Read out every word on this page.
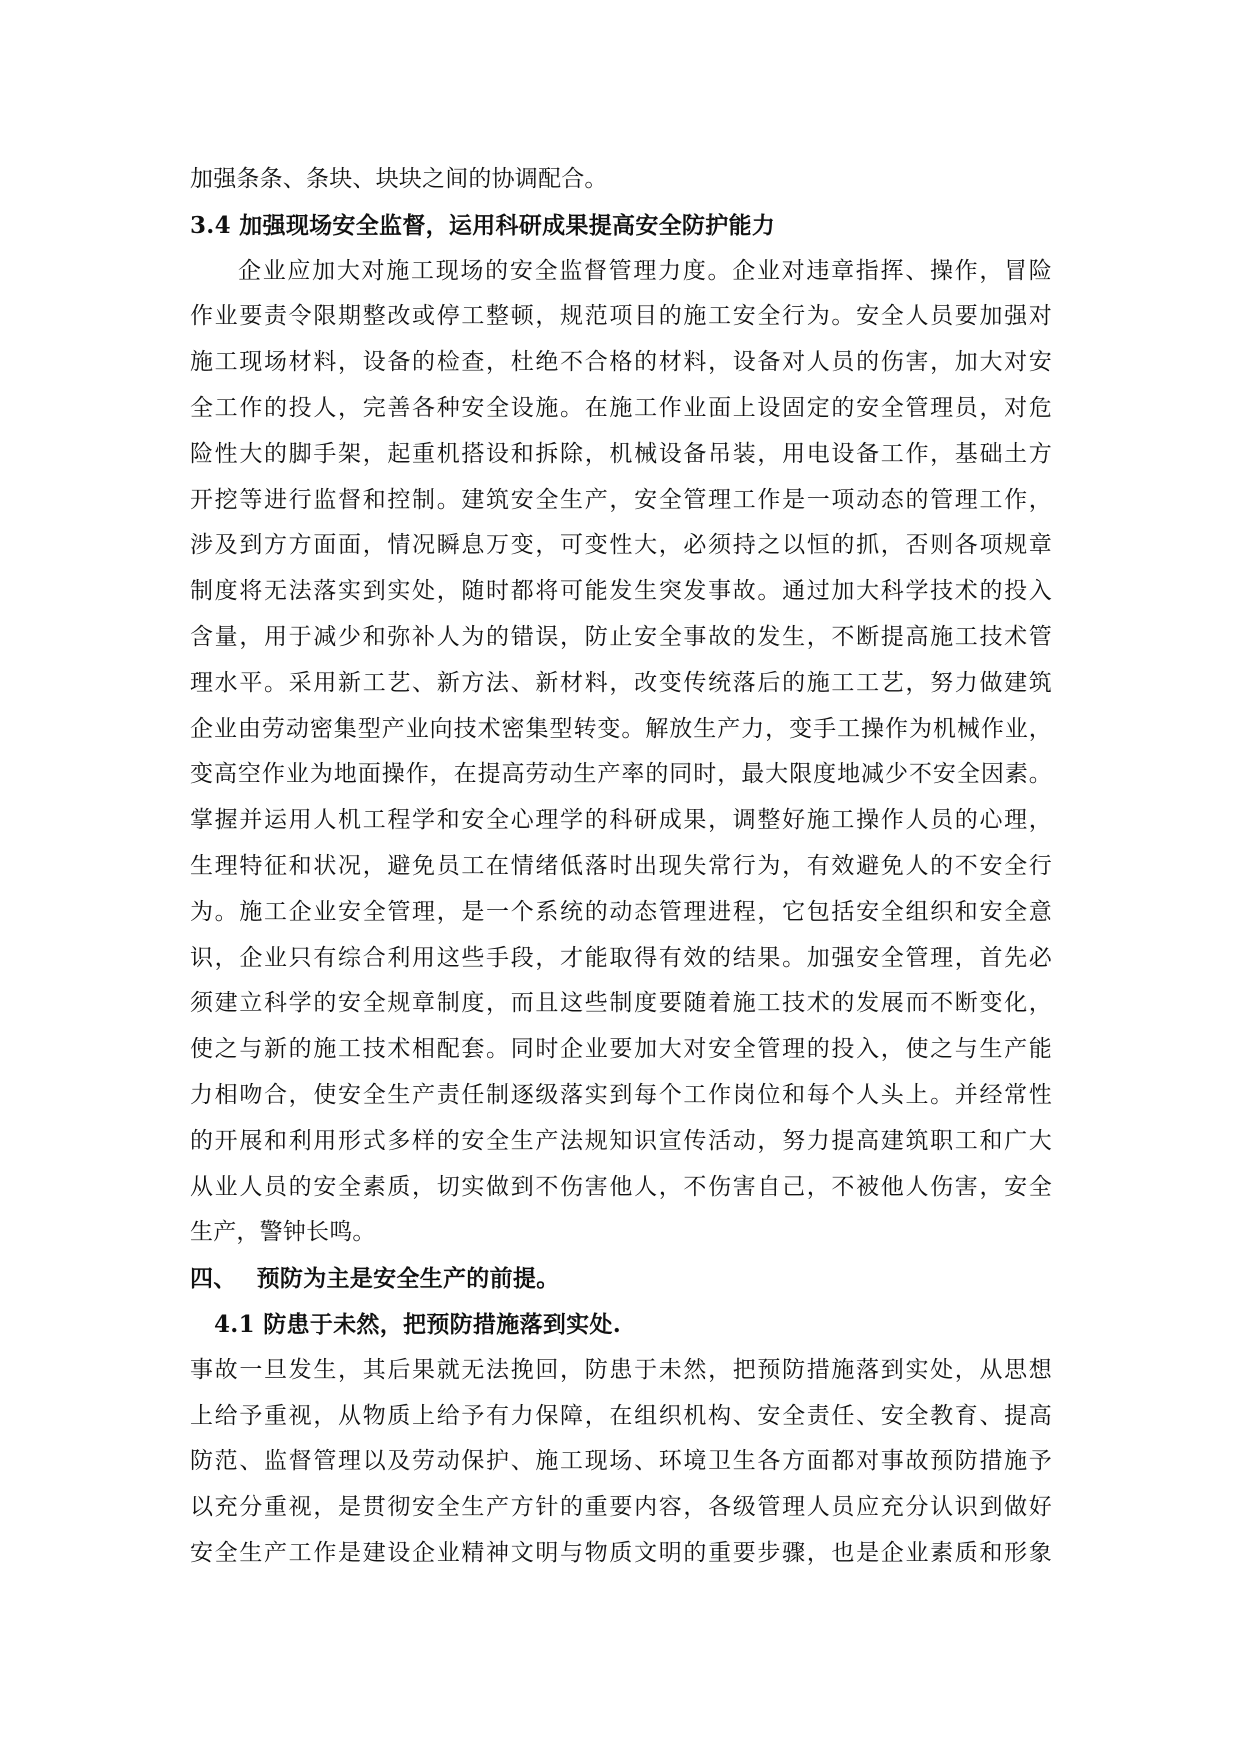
加强条条、条块、块块之间的协调配合。
3.4 加强现场安全监督，运用科研成果提高安全防护能力
企业应加大对施工现场的安全监督管理力度。企业对违章指挥、操作，冒险
作业要责令限期整改或停工整顿，规范项目的施工安全行为。安全人员要加强对
施工现场材料，设备的检查，杜绝不合格的材料，设备对人员的伤害，加大对安
全工作的投人，完善各种安全设施。在施工作业面上设固定的安全管理员，对危
险性大的脚手架，起重机搭设和拆除，机械设备吊装，用电设备工作，基础土方
开挖等进行监督和控制。建筑安全生产，安全管理工作是一项动态的管理工作，
涉及到方方面面，情况瞬息万变，可变性大，必须持之以恒的抓，否则各项规章
制度将无法落实到实处，随时都将可能发生突发事故。通过加大科学技术的投入
含量，用于减少和弥补人为的错误，防止安全事故的发生，不断提高施工技术管
理水平。采用新工艺、新方法、新材料，改变传统落后的施工工艺，努力做建筑
企业由劳动密集型产业向技术密集型转变。解放生产力，变手工操作为机械作业，
变高空作业为地面操作，在提高劳动生产率的同时，最大限度地减少不安全因素。
掌握并运用人机工程学和安全心理学的科研成果，调整好施工操作人员的心理，
生理特征和状况，避免员工在情绪低落时出现失常行为，有效避免人的不安全行
为。施工企业安全管理，是一个系统的动态管理进程，它包括安全组织和安全意
识，企业只有综合利用这些手段，才能取得有效的结果。加强安全管理，首先必
须建立科学的安全规章制度，而且这些制度要随着施工技术的发展而不断变化，
使之与新的施工技术相配套。同时企业要加大对安全管理的投入，使之与生产能
力相吻合，使安全生产责任制逐级落实到每个工作岗位和每个人头上。并经常性
的开展和利用形式多样的安全生产法规知识宣传活动，努力提高建筑职工和广大
从业人员的安全素质，切实做到不伤害他人，不伤害自己，不被他人伤害，安全
生产，警钟长鸣。
四、 预防为主是安全生产的前提。
4.1 防患于未然，把预防措施落到实处.
事故一旦发生，其后果就无法挽回，防患于未然，把预防措施落到实处，从思想
上给予重视，从物质上给予有力保障，在组织机构、安全责任、安全教育、提高
防范、监督管理以及劳动保护、施工现场、环境卫生各方面都对事故预防措施予
以充分重视，是贯彻安全生产方针的重要内容，各级管理人员应充分认识到做好
安全生产工作是建设企业精神文明与物质文明的重要步骤，也是企业素质和形象
